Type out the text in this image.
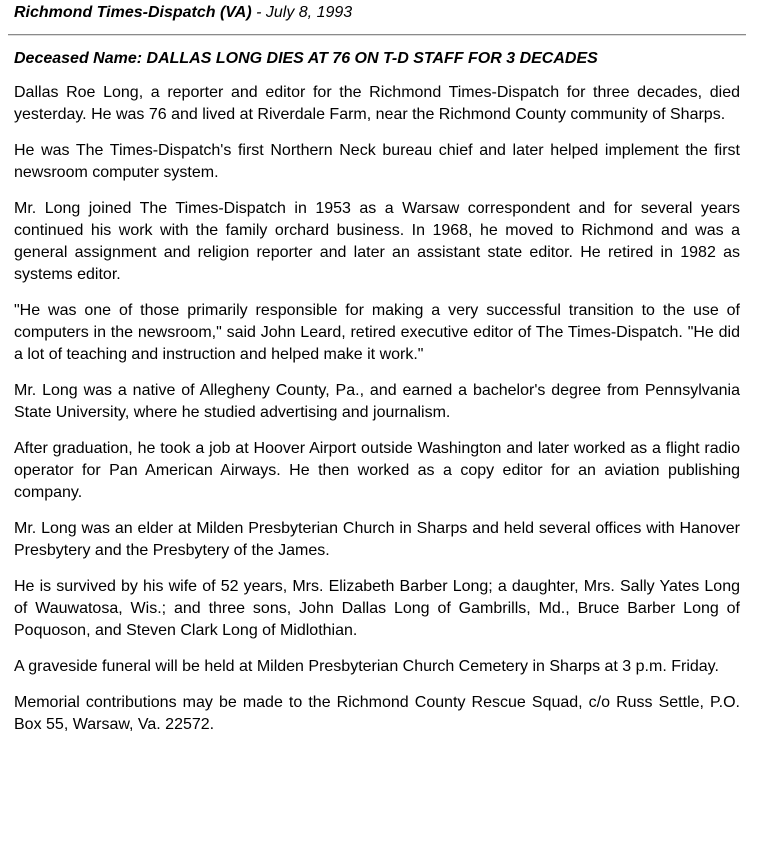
Richmond Times-Dispatch (VA) - July 8, 1993
Deceased Name: DALLAS LONG DIES AT 76 ON T-D STAFF FOR 3 DECADES

Dallas Roe Long, a reporter and editor for the Richmond Times-Dispatch for three decades, died yesterday. He was 76 and lived at Riverdale Farm, near the Richmond County community of Sharps.

He was The Times-Dispatch's first Northern Neck bureau chief and later helped implement the first newsroom computer system.

Mr. Long joined The Times-Dispatch in 1953 as a Warsaw correspondent and for several years continued his work with the family orchard business. In 1968, he moved to Richmond and was a general assignment and religion reporter and later an assistant state editor. He retired in 1982 as systems editor.

"He was one of those primarily responsible for making a very successful transition to the use of computers in the newsroom," said John Leard, retired executive editor of The Times-Dispatch. "He did a lot of teaching and instruction and helped make it work."

Mr. Long was a native of Allegheny County, Pa., and earned a bachelor's degree from Pennsylvania State University, where he studied advertising and journalism.

After graduation, he took a job at Hoover Airport outside Washington and later worked as a flight radio operator for Pan American Airways. He then worked as a copy editor for an aviation publishing company.

Mr. Long was an elder at Milden Presbyterian Church in Sharps and held several offices with Hanover Presbytery and the Presbytery of the James.

He is survived by his wife of 52 years, Mrs. Elizabeth Barber Long; a daughter, Mrs. Sally Yates Long of Wauwatosa, Wis.; and three sons, John Dallas Long of Gambrills, Md., Bruce Barber Long of Poquoson, and Steven Clark Long of Midlothian.

A graveside funeral will be held at Milden Presbyterian Church Cemetery in Sharps at 3 p.m. Friday.

Memorial contributions may be made to the Richmond County Rescue Squad, c/o Russ Settle, P.O. Box 55, Warsaw, Va. 22572.
